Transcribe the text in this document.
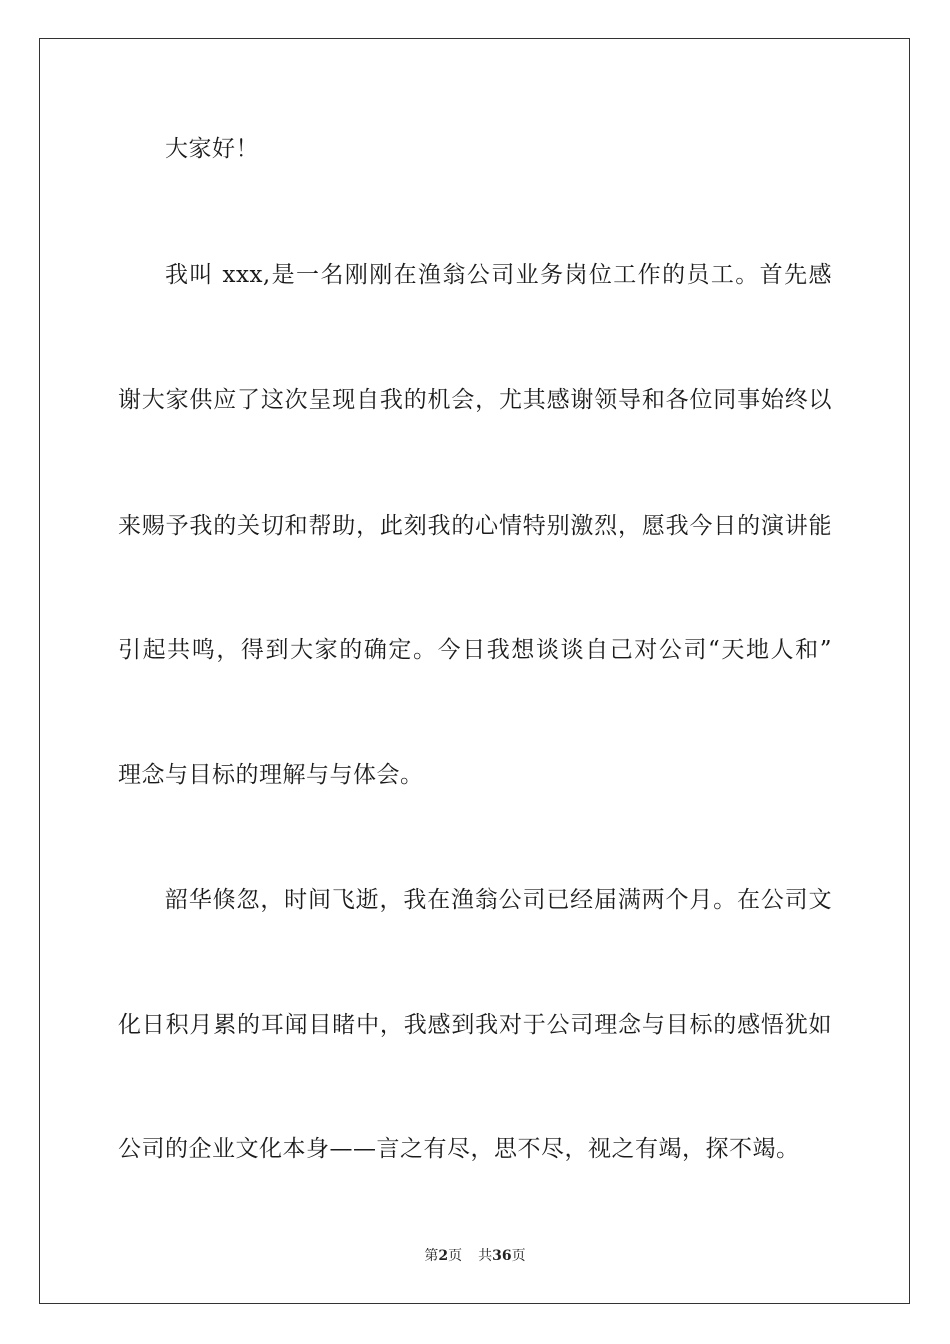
大家好！
我叫 xxx,是一名刚刚在渔翁公司业务岗位工作的员工。首先感
谢大家供应了这次呈现自我的机会，尤其感谢领导和各位同事始终以
来赐予我的关切和帮助，此刻我的心情特别激烈，愿我今日的演讲能
引起共鸣，得到大家的确定。今日我想谈谈自己对公司“天地人和”
理念与目标的理解与与体会。
韶华倏忽，时间飞逝，我在渔翁公司已经届满两个月。在公司文
化日积月累的耳闻目睹中，我感到我对于公司理念与目标的感悟犹如
公司的企业文化本身——言之有尽，思不尽，视之有竭，探不竭。
第2页 共36页
